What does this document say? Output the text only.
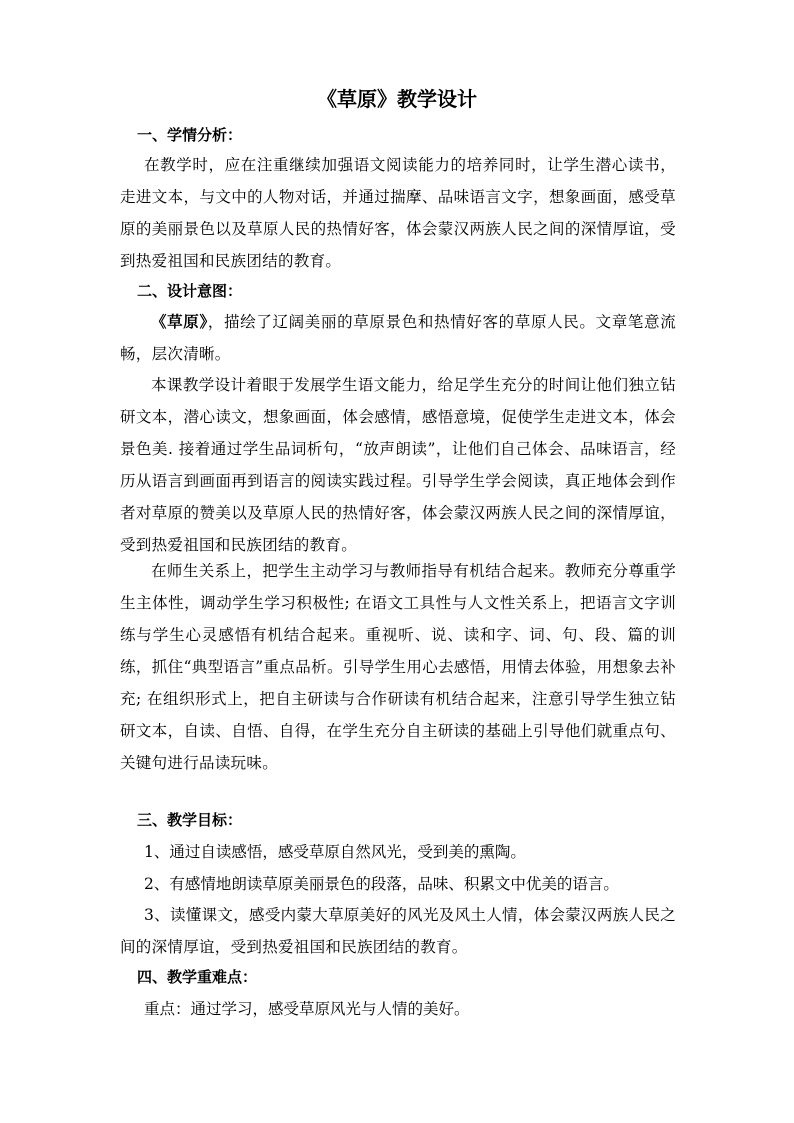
《草原》教学设计
一、学情分析：
在教学时，应在注重继续加强语文阅读能力的培养同时，让学生潜心读书，走进文本，与文中的人物对话，并通过揣摩、品味语言文字，想象画面，感受草原的美丽景色以及草原人民的热情好客，体会蒙汉两族人民之间的深情厚谊，受到热爱祖国和民族团结的教育。
二、设计意图：
《草原》，描绘了辽阔美丽的草原景色和热情好客的草原人民。文章笔意流畅，层次清晰。
本课教学设计着眼于发展学生语文能力，给足学生充分的时间让他们独立钻研文本，潜心读文，想象画面，体会感情，感悟意境，促使学生走进文本，体会景色美. 接着通过学生品词析句，“放声朗读”，让他们自己体会、品味语言，经历从语言到画面再到语言的阅读实践过程。引导学生学会阅读，真正地体会到作者对草原的赞美以及草原人民的热情好客，体会蒙汉两族人民之间的深情厚谊，受到热爱祖国和民族团结的教育。
在师生关系上，把学生主动学习与教师指导有机结合起来。教师充分尊重学生主体性，调动学生学习积极性; 在语文工具性与人文性关系上，把语言文字训练与学生心灵感悟有机结合起来。重视听、说、读和字、词、句、段、篇的训练，抓住“典型语言”重点品析。引导学生用心去感悟，用情去体验，用想象去补充; 在组织形式上，把自主研读与合作研读有机结合起来，注意引导学生独立钻研文本，自读、自悟、自得，在学生充分自主研读的基础上引导他们就重点句、关键句进行品读玩味。
三、教学目标：
1、通过自读感悟，感受草原自然风光，受到美的熏陶。
2、有感情地朗读草原美丽景色的段落，品味、积累文中优美的语言。
3、读懂课文，感受内蒙大草原美好的风光及风土人情，体会蒙汉两族人民之间的深情厚谊，受到热爱祖国和民族团结的教育。
四、教学重难点：
重点：通过学习，感受草原风光与人情的美好。
